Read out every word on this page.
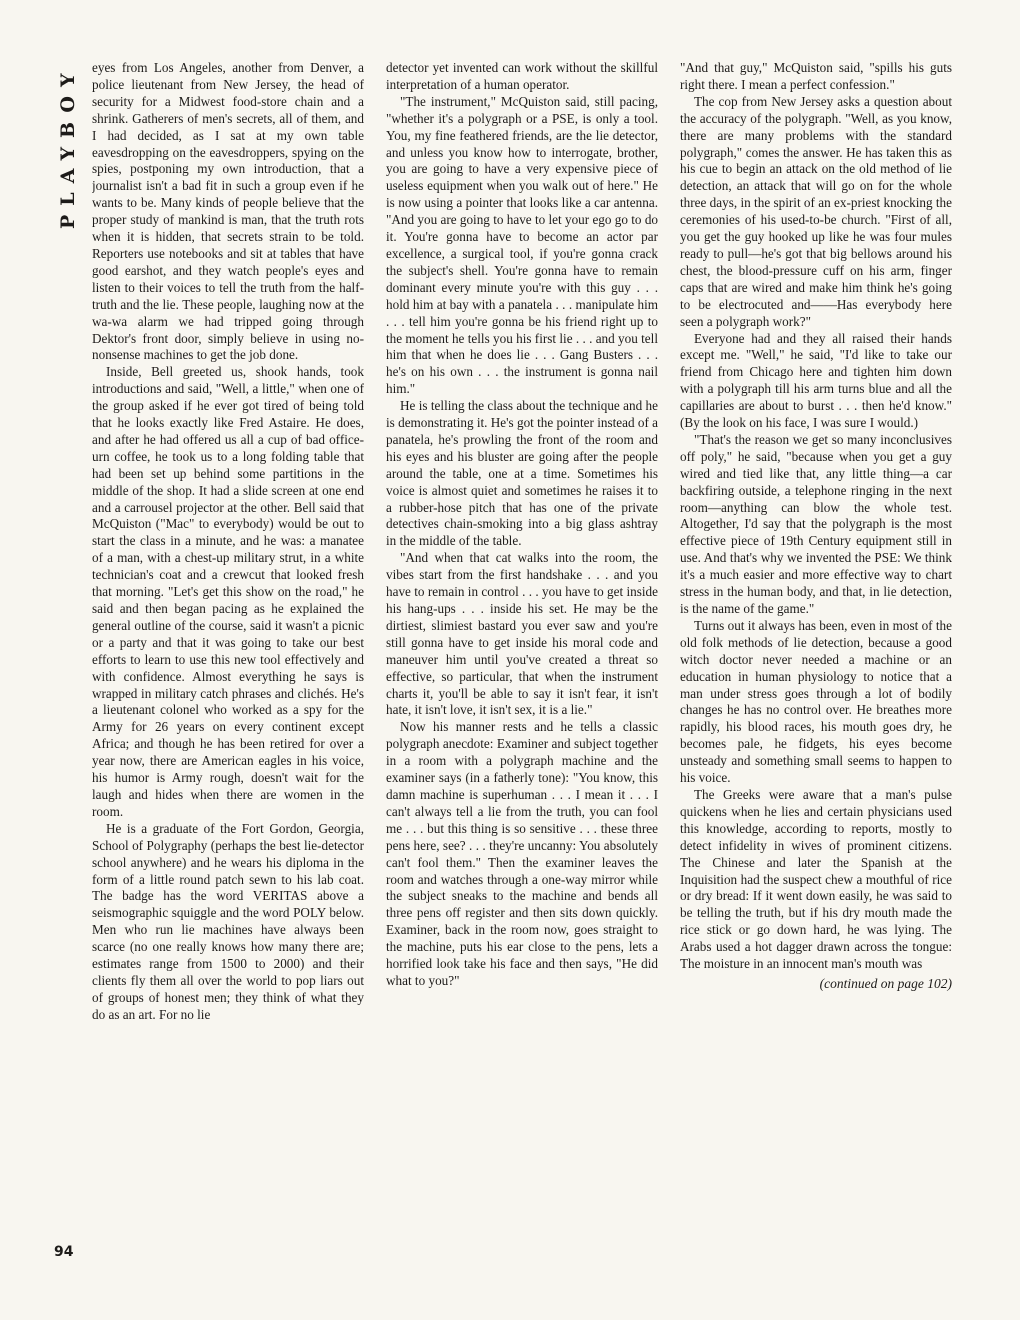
PLAYBOY
94

eyes from Los Angeles, another from Denver, a police lieutenant from New Jersey, the head of security for a Midwest food-store chain and a shrink. Gatherers of men's secrets, all of them, and I had decided, as I sat at my own table eavesdropping on the eavesdroppers, spying on the spies, postponing my own introduction, that a journalist isn't a bad fit in such a group even if he wants to be. Many kinds of people believe that the proper study of mankind is man, that the truth rots when it is hidden, that secrets strain to be told. Reporters use notebooks and sit at tables that have good earshot, and they watch people's eyes and listen to their voices to tell the truth from the half-truth and the lie. These people, laughing now at the wa-wa alarm we had tripped going through Dektor's front door, simply believe in using no-nonsense machines to get the job done.

Inside, Bell greeted us, shook hands, took introductions and said, "Well, a little," when one of the group asked if he ever got tired of being told that he looks exactly like Fred Astaire. He does, and after he had offered us all a cup of bad office-urn coffee, he took us to a long folding table that had been set up behind some partitions in the middle of the shop. It had a slide screen at one end and a carrousel projector at the other. Bell said that McQuiston ("Mac" to everybody) would be out to start the class in a minute, and he was: a manatee of a man, with a chest-up military strut, in a white technician's coat and a crewcut that looked fresh that morning. "Let's get this show on the road," he said and then began pacing as he explained the general outline of the course, said it wasn't a picnic or a party and that it was going to take our best efforts to learn to use this new tool effectively and with confidence. Almost everything he says is wrapped in military catch phrases and clichés. He's a lieutenant colonel who worked as a spy for the Army for 26 years on every continent except Africa; and though he has been retired for over a year now, there are American eagles in his voice, his humor is Army rough, doesn't wait for the laugh and hides when there are women in the room.

He is a graduate of the Fort Gordon, Georgia, School of Polygraphy (perhaps the best lie-detector school anywhere) and he wears his diploma in the form of a little round patch sewn to his lab coat. The badge has the word VERITAS above a seismographic squiggle and the word POLY below. Men who run lie machines have always been scarce (no one really knows how many there are; estimates range from 1500 to 2000) and their clients fly them all over the world to pop liars out of groups of honest men; they think of what they do as an art. For no lie

detector yet invented can work without the skillful interpretation of a human operator.

"The instrument," McQuiston said, still pacing, "whether it's a polygraph or a PSE, is only a tool. You, my fine feathered friends, are the lie detector, and unless you know how to interrogate, brother, you are going to have a very expensive piece of useless equipment when you walk out of here." He is now using a pointer that looks like a car antenna. "And you are going to have to let your ego go to do it. You're gonna have to become an actor par excellence, a surgical tool, if you're gonna crack the subject's shell. You're gonna have to remain dominant every minute you're with this guy . . . hold him at bay with a panatela . . . manipulate him . . . tell him you're gonna be his friend right up to the moment he tells you his first lie . . . and you tell him that when he does lie . . . Gang Busters . . . he's on his own . . . the instrument is gonna nail him."

He is telling the class about the technique and he is demonstrating it. He's got the pointer instead of a panatela, he's prowling the front of the room and his eyes and his bluster are going after the people around the table, one at a time. Sometimes his voice is almost quiet and sometimes he raises it to a rubber-hose pitch that has one of the private detectives chain-smoking into a big glass ashtray in the middle of the table.

"And when that cat walks into the room, the vibes start from the first handshake . . . and you have to remain in control . . . you have to get inside his hang-ups . . . inside his set. He may be the dirtiest, slimiest bastard you ever saw and you're still gonna have to get inside his moral code and maneuver him until you've created a threat so effective, so particular, that when the instrument charts it, you'll be able to say it isn't fear, it isn't hate, it isn't love, it isn't sex, it is a lie."

Now his manner rests and he tells a classic polygraph anecdote: Examiner and subject together in a room with a polygraph machine and the examiner says (in a fatherly tone): "You know, this damn machine is superhuman . . . I mean it . . . I can't always tell a lie from the truth, you can fool me . . . but this thing is so sensitive . . . these three pens here, see? . . . they're uncanny: You absolutely can't fool them." Then the examiner leaves the room and watches through a one-way mirror while the subject sneaks to the machine and bends all three pens off register and then sits down quickly. Examiner, back in the room now, goes straight to the machine, puts his ear close to the pens, lets a horrified look take his face and then says, "He did what to you?"

"And that guy," McQuiston said, "spills his guts right there. I mean a perfect confession."

The cop from New Jersey asks a question about the accuracy of the polygraph. "Well, as you know, there are many problems with the standard polygraph," comes the answer. He has taken this as his cue to begin an attack on the old method of lie detection, an attack that will go on for the whole three days, in the spirit of an ex-priest knocking the ceremonies of his used-to-be church. "First of all, you get the guy hooked up like he was four mules ready to pull—he's got that big bellows around his chest, the blood-pressure cuff on his arm, finger caps that are wired and make him think he's going to be electrocuted and——Has everybody here seen a polygraph work?"

Everyone had and they all raised their hands except me. "Well," he said, "I'd like to take our friend from Chicago here and tighten him down with a polygraph till his arm turns blue and all the capillaries are about to burst . . . then he'd know." (By the look on his face, I was sure I would.)

"That's the reason we get so many inconclusives off poly," he said, "because when you get a guy wired and tied like that, any little thing—a car backfiring outside, a telephone ringing in the next room—anything can blow the whole test. Altogether, I'd say that the polygraph is the most effective piece of 19th Century equipment still in use. And that's why we invented the PSE: We think it's a much easier and more effective way to chart stress in the human body, and that, in lie detection, is the name of the game."

Turns out it always has been, even in most of the old folk methods of lie detection, because a good witch doctor never needed a machine or an education in human physiology to notice that a man under stress goes through a lot of bodily changes he has no control over. He breathes more rapidly, his blood races, his mouth goes dry, he becomes pale, he fidgets, his eyes become unsteady and something small seems to happen to his voice.

The Greeks were aware that a man's pulse quickens when he lies and certain physicians used this knowledge, according to reports, mostly to detect infidelity in wives of prominent citizens. The Chinese and later the Spanish at the Inquisition had the suspect chew a mouthful of rice or dry bread: If it went down easily, he was said to be telling the truth, but if his dry mouth made the rice stick or go down hard, he was lying. The Arabs used a hot dagger drawn across the tongue: The moisture in an innocent man's mouth was

(continued on page 102)
